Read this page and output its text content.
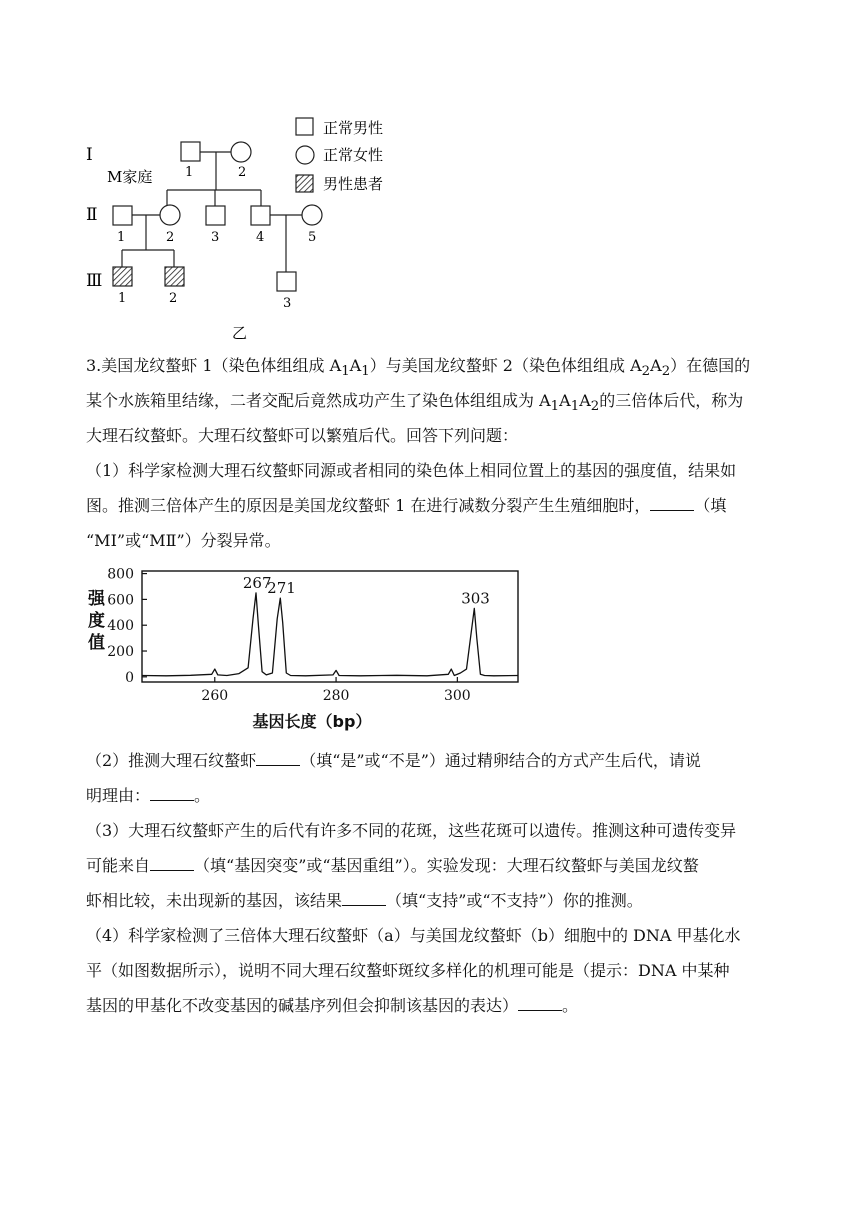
Ⅰ
Ⅱ
Ⅲ
M家庭	1	2
1	2	3	4	5
1	2	3
正常男性
正常女性
男性患者
乙

3.美国龙纹螯虾 1（染色体组组成 $A_1A_1$）与美国龙纹螯虾 2（染色体组组成 $A_2A_2$）在德国的

某个水族箱里结缘，二者交配后竟然成功产生了染色体组组成为 $A_1A_1A_2$的三倍体后代，称为

大理石纹螯虾。大理石纹螯虾可以繁殖后代。回答下列问题：

（1）科学家检测大理石纹螯虾同源或者相同的染色体上相同位置上的基因的强度值，结果如

图。推测三倍体产生的原因是美国龙纹螯虾 1 在进行减数分裂产生生殖细胞时，	（填

“MⅠ”或“MⅡ”）分裂异常。

0
200
400
600
800
260	280	300
267
271
303
强
度
值
基因长度（bp）

（2）推测大理石纹螯虾	（填“是”或“不是”）通过精卵结合的方式产生后代，请说

明理由：	。

（3）大理石纹螯虾产生的后代有许多不同的花斑，这些花斑可以遗传。推测这种可遗传变异

可能来自	（填“基因突变”或“基因重组”）。实验发现：大理石纹螯虾与美国龙纹螯

虾相比较，未出现新的基因，该结果	（填“支持”或“不支持”）你的推测。

（4）科学家检测了三倍体大理石纹螯虾（a）与美国龙纹螯虾（b）细胞中的 DNA 甲基化水

平（如图数据所示），说明不同大理石纹螯虾斑纹多样化的机理可能是（提示：DNA 中某种

基因的甲基化不改变基因的碱基序列但会抑制该基因的表达）	。
